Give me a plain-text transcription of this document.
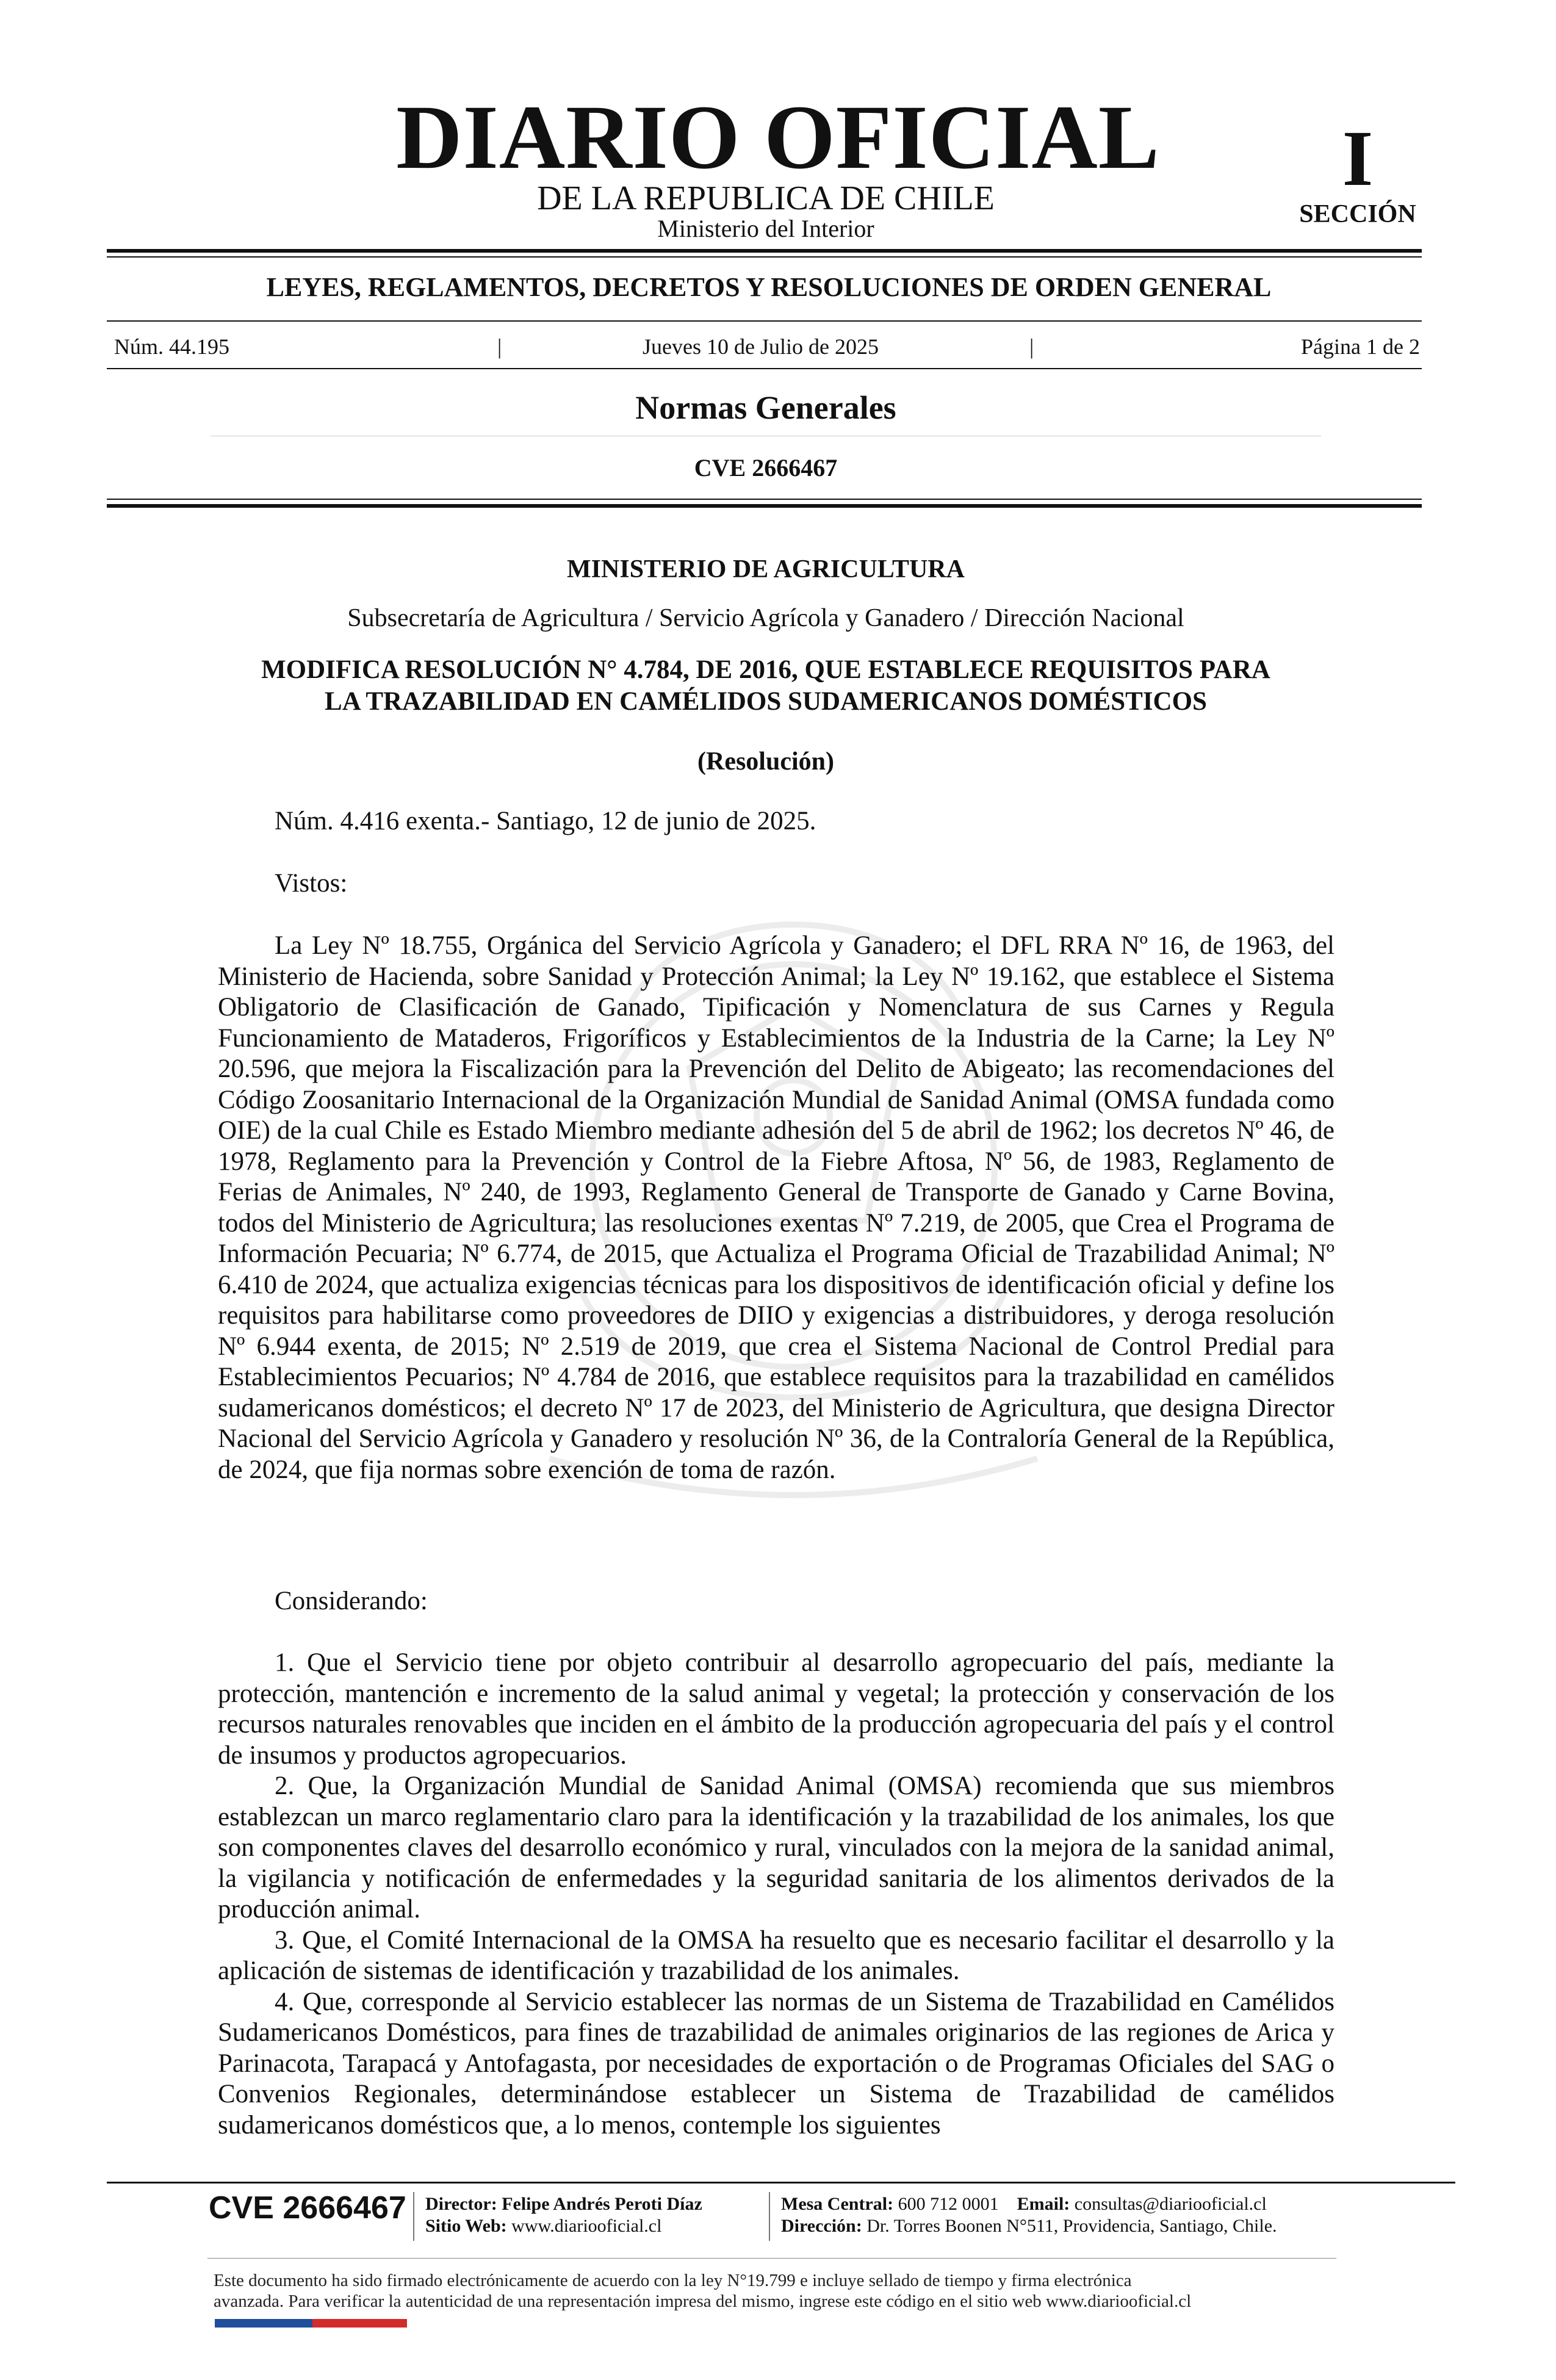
DIARIO OFICIAL
DE LA REPUBLICA DE CHILE
Ministerio del Interior
I
SECCIÓN
LEYES, REGLAMENTOS, DECRETOS Y RESOLUCIONES DE ORDEN GENERAL
Núm. 44.195	|	Jueves 10 de Julio de 2025	|	Página 1 de 2
Normas Generales
CVE 2666467
MINISTERIO DE AGRICULTURA
Subsecretaría de Agricultura / Servicio Agrícola y Ganadero / Dirección Nacional
MODIFICA RESOLUCIÓN N° 4.784, DE 2016, QUE ESTABLECE REQUISITOS PARA
LA TRAZABILIDAD EN CAMÉLIDOS SUDAMERICANOS DOMÉSTICOS
(Resolución)
Núm. 4.416 exenta.- Santiago, 12 de junio de 2025.
Vistos:
La Ley Nº 18.755, Orgánica del Servicio Agrícola y Ganadero; el DFL RRA Nº 16, de 1963, del Ministerio de Hacienda, sobre Sanidad y Protección Animal; la Ley Nº 19.162, que establece el Sistema Obligatorio de Clasificación de Ganado, Tipificación y Nomenclatura de sus Carnes y Regula Funcionamiento de Mataderos, Frigoríficos y Establecimientos de la Industria de la Carne; la Ley Nº 20.596, que mejora la Fiscalización para la Prevención del Delito de Abigeato; las recomendaciones del Código Zoosanitario Internacional de la Organización Mundial de Sanidad Animal (OMSA fundada como OIE) de la cual Chile es Estado Miembro mediante adhesión del 5 de abril de 1962; los decretos Nº 46, de 1978, Reglamento para la Prevención y Control de la Fiebre Aftosa, Nº 56, de 1983, Reglamento de Ferias de Animales, Nº 240, de 1993, Reglamento General de Transporte de Ganado y Carne Bovina, todos del Ministerio de Agricultura; las resoluciones exentas Nº 7.219, de 2005, que Crea el Programa de Información Pecuaria; Nº 6.774, de 2015, que Actualiza el Programa Oficial de Trazabilidad Animal; Nº 6.410 de 2024, que actualiza exigencias técnicas para los dispositivos de identificación oficial y define los requisitos para habilitarse como proveedores de DIIO y exigencias a distribuidores, y deroga resolución Nº 6.944 exenta, de 2015; Nº 2.519 de 2019, que crea el Sistema Nacional de Control Predial para Establecimientos Pecuarios; Nº 4.784 de 2016, que establece requisitos para la trazabilidad en camélidos sudamericanos domésticos; el decreto Nº 17 de 2023, del Ministerio de Agricultura, que designa Director Nacional del Servicio Agrícola y Ganadero y resolución Nº 36, de la Contraloría General de la República, de 2024, que fija normas sobre exención de toma de razón.
Considerando:
1. Que el Servicio tiene por objeto contribuir al desarrollo agropecuario del país, mediante la protección, mantención e incremento de la salud animal y vegetal; la protección y conservación de los recursos naturales renovables que inciden en el ámbito de la producción agropecuaria del país y el control de insumos y productos agropecuarios.
2. Que, la Organización Mundial de Sanidad Animal (OMSA) recomienda que sus miembros establezcan un marco reglamentario claro para la identificación y la trazabilidad de los animales, los que son componentes claves del desarrollo económico y rural, vinculados con la mejora de la sanidad animal, la vigilancia y notificación de enfermedades y la seguridad sanitaria de los alimentos derivados de la producción animal.
3. Que, el Comité Internacional de la OMSA ha resuelto que es necesario facilitar el desarrollo y la aplicación de sistemas de identificación y trazabilidad de los animales.
4. Que, corresponde al Servicio establecer las normas de un Sistema de Trazabilidad en Camélidos Sudamericanos Domésticos, para fines de trazabilidad de animales originarios de las regiones de Arica y Parinacota, Tarapacá y Antofagasta, por necesidades de exportación o de Programas Oficiales del SAG o Convenios Regionales, determinándose establecer un Sistema de Trazabilidad de camélidos sudamericanos domésticos que, a lo menos, contemple los siguientes
CVE 2666467 Director: Felipe Andrés Peroti Díaz
Sitio Web: www.diariooficial.cl
Mesa Central: 600 712 0001 Email: consultas@diariooficial.cl
Dirección: Dr. Torres Boonen N°511, Providencia, Santiago, Chile.
Este documento ha sido firmado electrónicamente de acuerdo con la ley N°19.799 e incluye sellado de tiempo y firma electrónica
avanzada. Para verificar la autenticidad de una representación impresa del mismo, ingrese este código en el sitio web www.diariooficial.cl
